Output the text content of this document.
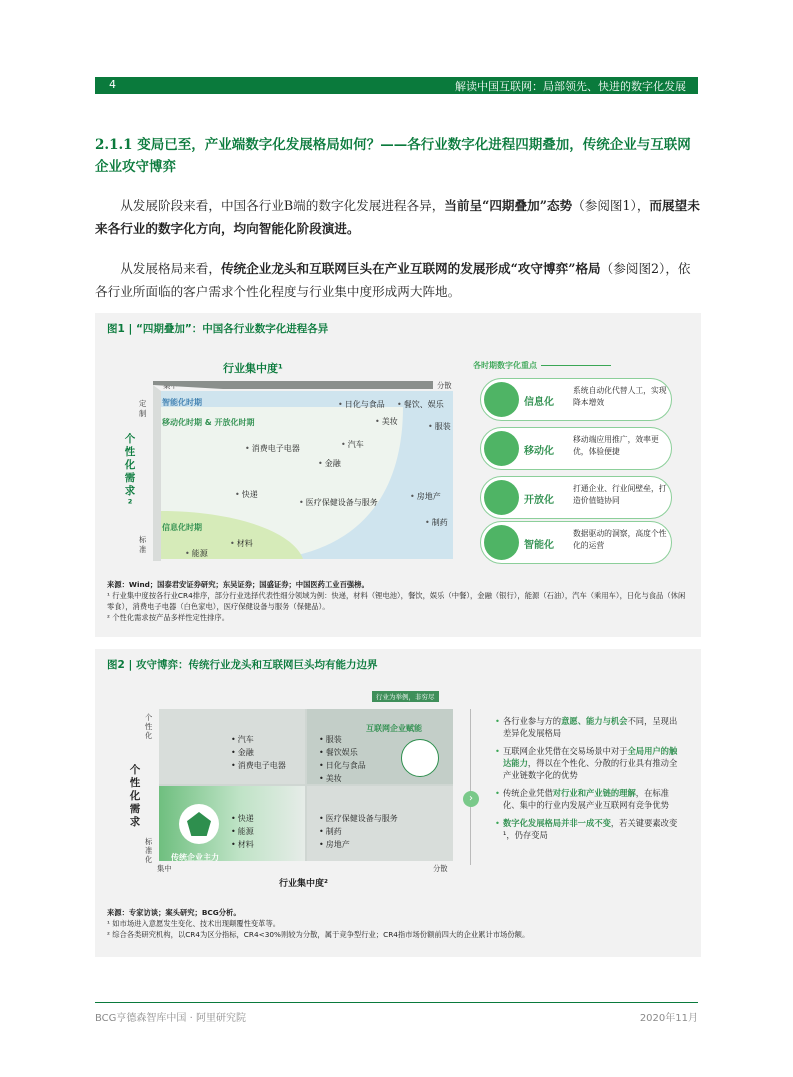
4	解读中国互联网：局部领先、快进的数字化发展
2.1.1 变局已至，产业端数字化发展格局如何？——各行业数字化进程四期叠加，传统企业与互联网企业攻守博弈
从发展阶段来看，中国各行业B端的数字化发展进程各异，当前呈“四期叠加”态势（参阅图1），而展望未来各行业的数字化方向，均向智能化阶段演进。
从发展格局来看，传统企业龙头和互联网巨头在产业互联网的发展形成“攻守博弈”格局（参阅图2），依各行业所面临的客户需求个性化程度与行业集中度形成两大阵地。
图1 | “四期叠加”：中国各行业数字化进程各异
行业集中度¹
分散
定制
标准
个性化需求²
智能化时期
移动化时期 & 开放化时期
信息化时期
• 日化与食品	• 餐饮、娱乐
• 美妆
• 服装
• 消费电子电器	• 汽车
• 金融
• 快递
• 医疗保健设备与服务
• 房地产
• 制药
• 材料
• 能源
各时期数字化重点
信息化
系统自动化代替人工，实现降本增效
移动化
移动端应用推广，效率更优，体验便捷
开放化
打通企业、行业间壁垒，打造价值链协同
智能化
数据驱动的洞察，高度个性化的运营
来源：Wind；国泰君安证券研究；东吴证券；国盛证券；中国医药工业百强榜。
¹ 行业集中度按各行业CR4排序，部分行业选择代表性细分领域为例：快递，材料（锂电池），餐饮，娱乐（中餐），金融（银行），能源（石油），汽车（乘用车），日化与食品（休闲零食），消费电子电器（白色家电），医疗保健设备与服务（保健品）。
² 个性化需求按产品多样性定性排序。
图2 | 攻守博弈：传统行业龙头和互联网巨头均有能力边界
行业为举例，非穷尽
个性化
标准化
个性化需求
• 汽车
• 金融
• 消费电子电器
互联网企业赋能
• 服装
• 餐饮娱乐
• 日化与食品
• 美妆
传统企业主力
• 快递
• 能源
• 材料
• 医疗保健设备与服务
• 制药
• 房地产
集中	分散
行业集中度²
›
• 各行业参与方的意愿、能力与机会不同，呈现出差异化发展格局
• 互联网企业凭借在交易场景中对于全局用户的触达能力，得以在个性化、分散的行业具有推动全产业链数字化的优势
• 传统企业凭借对行业和产业链的理解，在标准化、集中的行业内发展产业互联网有竞争优势
• 数字化发展格局并非一成不变，若关键要素改变¹，仍存变局
来源：专家访谈；案头研究；BCG分析。
¹ 如市场进入意愿发生变化、技术出现颠覆性变革等。
² 综合各类研究机构，以CR4为区分指标，CR4<30%则较为分散，属于竞争型行业；CR4指市场份额前四大的企业累计市场份额。
BCG亨德森智库中国 · 阿里研究院	2020年11月
